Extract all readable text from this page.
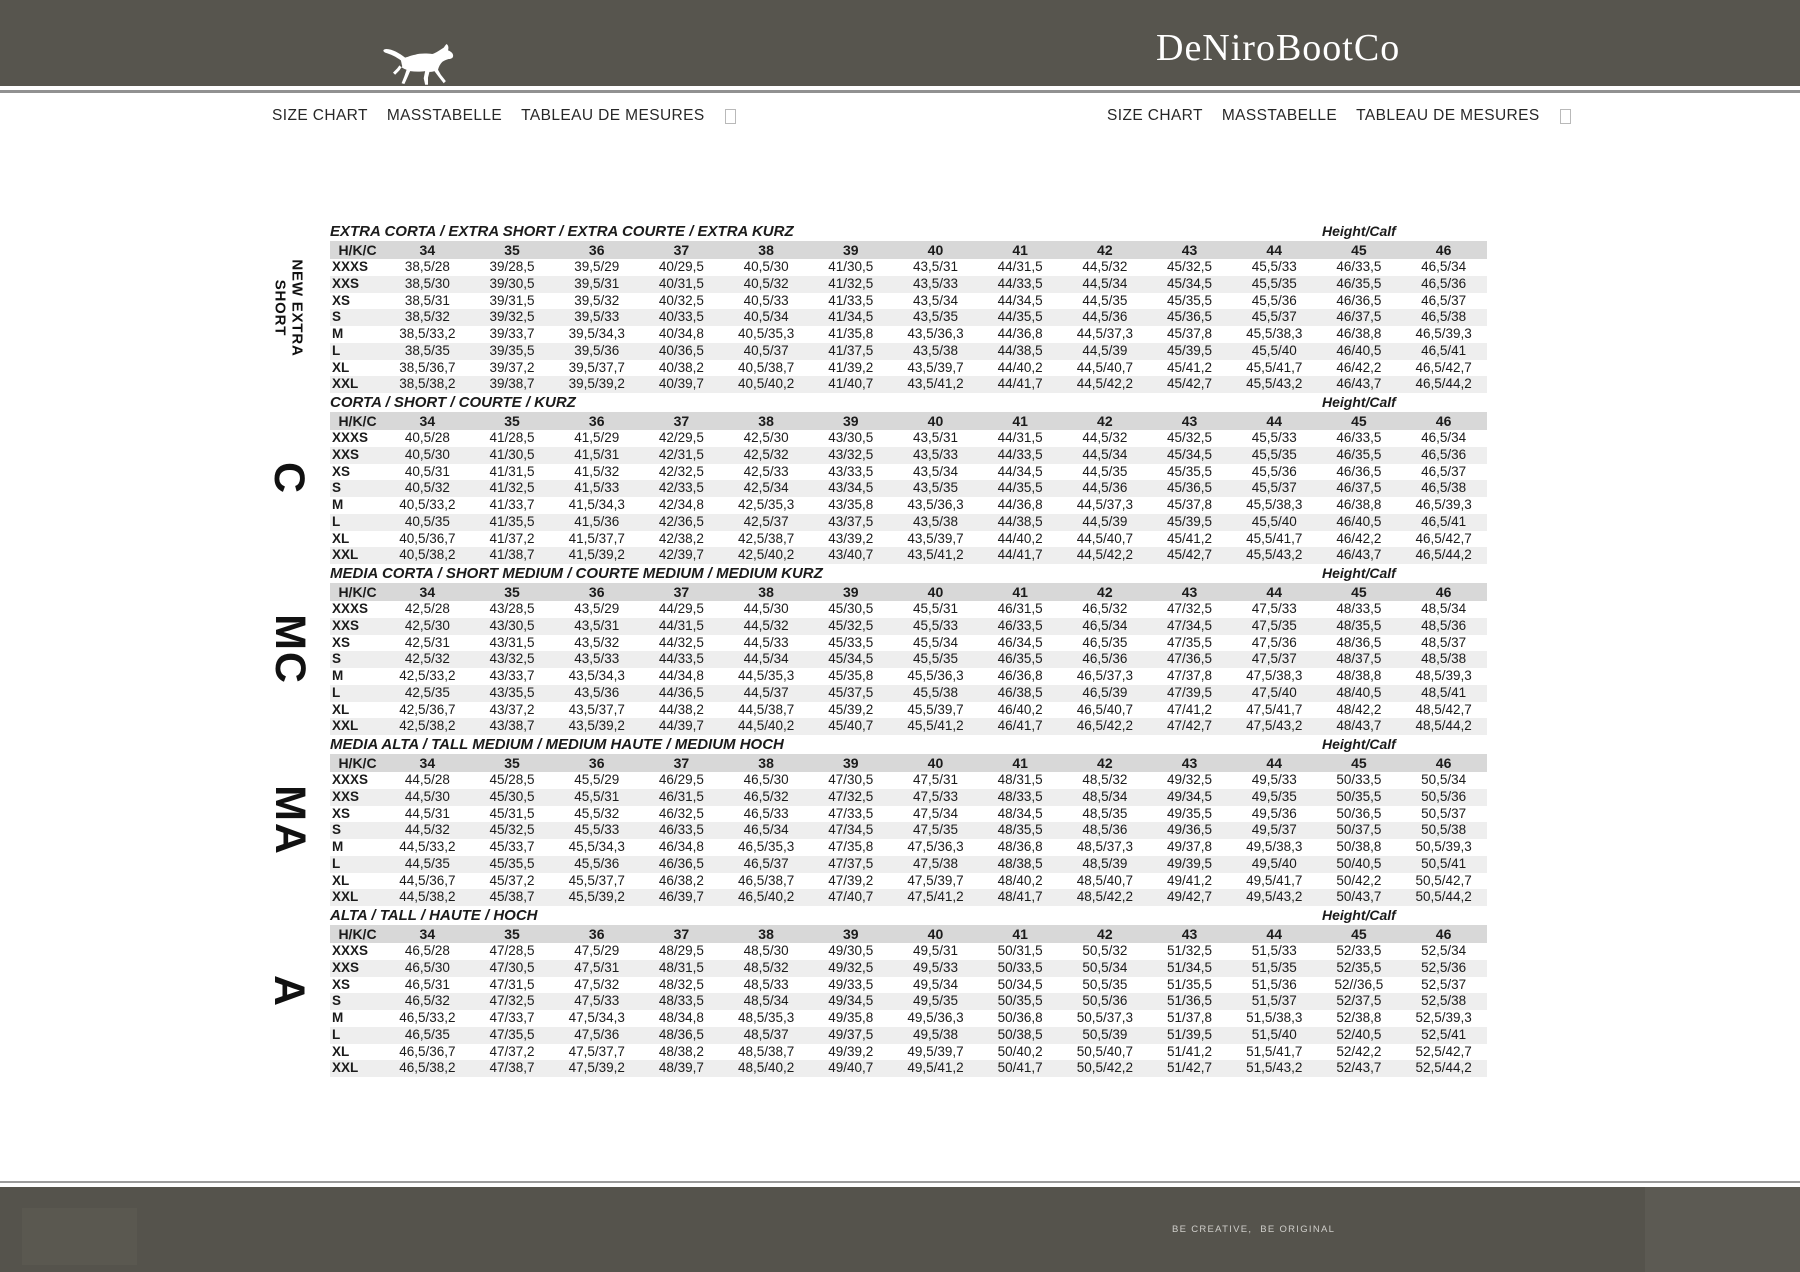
DeNiroBootCo
SIZE CHART MASSTABELLE TABLEAU DE MESURES	SIZE CHART MASSTABELLE TABLEAU DE MESURES
NEW EXTRA
SHORT
EXTRA CORTA / EXTRA SHORT / EXTRA COURTE / EXTRA KURZ	Height/Calf
H/K/C	34	35	36	37	38	39	40	41	42	43	44	45	46
XXXS	38,5/28	39/28,5	39,5/29	40/29,5	40,5/30	41/30,5	43,5/31	44/31,5	44,5/32	45/32,5	45,5/33	46/33,5	46,5/34
XXS	38,5/30	39/30,5	39,5/31	40/31,5	40,5/32	41/32,5	43,5/33	44/33,5	44,5/34	45/34,5	45,5/35	46/35,5	46,5/36
XS	38,5/31	39/31,5	39,5/32	40/32,5	40,5/33	41/33,5	43,5/34	44/34,5	44,5/35	45/35,5	45,5/36	46/36,5	46,5/37
S	38,5/32	39/32,5	39,5/33	40/33,5	40,5/34	41/34,5	43,5/35	44/35,5	44,5/36	45/36,5	45,5/37	46/37,5	46,5/38
M	38,5/33,2	39/33,7	39,5/34,3	40/34,8	40,5/35,3	41/35,8	43,5/36,3	44/36,8	44,5/37,3	45/37,8	45,5/38,3	46/38,8	46,5/39,3
L	38,5/35	39/35,5	39,5/36	40/36,5	40,5/37	41/37,5	43,5/38	44/38,5	44,5/39	45/39,5	45,5/40	46/40,5	46,5/41
XL	38,5/36,7	39/37,2	39,5/37,7	40/38,2	40,5/38,7	41/39,2	43,5/39,7	44/40,2	44,5/40,7	45/41,2	45,5/41,7	46/42,2	46,5/42,7
XXL	38,5/38,2	39/38,7	39,5/39,2	40/39,7	40,5/40,2	41/40,7	43,5/41,2	44/41,7	44,5/42,2	45/42,7	45,5/43,2	46/43,7	46,5/44,2
C
CORTA / SHORT / COURTE / KURZ	Height/Calf
H/K/C	34	35	36	37	38	39	40	41	42	43	44	45	46
XXXS	40,5/28	41/28,5	41,5/29	42/29,5	42,5/30	43/30,5	43,5/31	44/31,5	44,5/32	45/32,5	45,5/33	46/33,5	46,5/34
XXS	40,5/30	41/30,5	41,5/31	42/31,5	42,5/32	43/32,5	43,5/33	44/33,5	44,5/34	45/34,5	45,5/35	46/35,5	46,5/36
XS	40,5/31	41/31,5	41,5/32	42/32,5	42,5/33	43/33,5	43,5/34	44/34,5	44,5/35	45/35,5	45,5/36	46/36,5	46,5/37
S	40,5/32	41/32,5	41,5/33	42/33,5	42,5/34	43/34,5	43,5/35	44/35,5	44,5/36	45/36,5	45,5/37	46/37,5	46,5/38
M	40,5/33,2	41/33,7	41,5/34,3	42/34,8	42,5/35,3	43/35,8	43,5/36,3	44/36,8	44,5/37,3	45/37,8	45,5/38,3	46/38,8	46,5/39,3
L	40,5/35	41/35,5	41,5/36	42/36,5	42,5/37	43/37,5	43,5/38	44/38,5	44,5/39	45/39,5	45,5/40	46/40,5	46,5/41
XL	40,5/36,7	41/37,2	41,5/37,7	42/38,2	42,5/38,7	43/39,2	43,5/39,7	44/40,2	44,5/40,7	45/41,2	45,5/41,7	46/42,2	46,5/42,7
XXL	40,5/38,2	41/38,7	41,5/39,2	42/39,7	42,5/40,2	43/40,7	43,5/41,2	44/41,7	44,5/42,2	45/42,7	45,5/43,2	46/43,7	46,5/44,2
MC
MEDIA CORTA / SHORT MEDIUM / COURTE MEDIUM / MEDIUM KURZ	Height/Calf
H/K/C	34	35	36	37	38	39	40	41	42	43	44	45	46
XXXS	42,5/28	43/28,5	43,5/29	44/29,5	44,5/30	45/30,5	45,5/31	46/31,5	46,5/32	47/32,5	47,5/33	48/33,5	48,5/34
XXS	42,5/30	43/30,5	43,5/31	44/31,5	44,5/32	45/32,5	45,5/33	46/33,5	46,5/34	47/34,5	47,5/35	48/35,5	48,5/36
XS	42,5/31	43/31,5	43,5/32	44/32,5	44,5/33	45/33,5	45,5/34	46/34,5	46,5/35	47/35,5	47,5/36	48/36,5	48,5/37
S	42,5/32	43/32,5	43,5/33	44/33,5	44,5/34	45/34,5	45,5/35	46/35,5	46,5/36	47/36,5	47,5/37	48/37,5	48,5/38
M	42,5/33,2	43/33,7	43,5/34,3	44/34,8	44,5/35,3	45/35,8	45,5/36,3	46/36,8	46,5/37,3	47/37,8	47,5/38,3	48/38,8	48,5/39,3
L	42,5/35	43/35,5	43,5/36	44/36,5	44,5/37	45/37,5	45,5/38	46/38,5	46,5/39	47/39,5	47,5/40	48/40,5	48,5/41
XL	42,5/36,7	43/37,2	43,5/37,7	44/38,2	44,5/38,7	45/39,2	45,5/39,7	46/40,2	46,5/40,7	47/41,2	47,5/41,7	48/42,2	48,5/42,7
XXL	42,5/38,2	43/38,7	43,5/39,2	44/39,7	44,5/40,2	45/40,7	45,5/41,2	46/41,7	46,5/42,2	47/42,7	47,5/43,2	48/43,7	48,5/44,2
MA
MEDIA ALTA / TALL MEDIUM / MEDIUM HAUTE / MEDIUM HOCH	Height/Calf
H/K/C	34	35	36	37	38	39	40	41	42	43	44	45	46
XXXS	44,5/28	45/28,5	45,5/29	46/29,5	46,5/30	47/30,5	47,5/31	48/31,5	48,5/32	49/32,5	49,5/33	50/33,5	50,5/34
XXS	44,5/30	45/30,5	45,5/31	46/31,5	46,5/32	47/32,5	47,5/33	48/33,5	48,5/34	49/34,5	49,5/35	50/35,5	50,5/36
XS	44,5/31	45/31,5	45,5/32	46/32,5	46,5/33	47/33,5	47,5/34	48/34,5	48,5/35	49/35,5	49,5/36	50/36,5	50,5/37
S	44,5/32	45/32,5	45,5/33	46/33,5	46,5/34	47/34,5	47,5/35	48/35,5	48,5/36	49/36,5	49,5/37	50/37,5	50,5/38
M	44,5/33,2	45/33,7	45,5/34,3	46/34,8	46,5/35,3	47/35,8	47,5/36,3	48/36,8	48,5/37,3	49/37,8	49,5/38,3	50/38,8	50,5/39,3
L	44,5/35	45/35,5	45,5/36	46/36,5	46,5/37	47/37,5	47,5/38	48/38,5	48,5/39	49/39,5	49,5/40	50/40,5	50,5/41
XL	44,5/36,7	45/37,2	45,5/37,7	46/38,2	46,5/38,7	47/39,2	47,5/39,7	48/40,2	48,5/40,7	49/41,2	49,5/41,7	50/42,2	50,5/42,7
XXL	44,5/38,2	45/38,7	45,5/39,2	46/39,7	46,5/40,2	47/40,7	47,5/41,2	48/41,7	48,5/42,2	49/42,7	49,5/43,2	50/43,7	50,5/44,2
A
ALTA / TALL / HAUTE / HOCH	Height/Calf
H/K/C	34	35	36	37	38	39	40	41	42	43	44	45	46
XXXS	46,5/28	47/28,5	47,5/29	48/29,5	48,5/30	49/30,5	49,5/31	50/31,5	50,5/32	51/32,5	51,5/33	52/33,5	52,5/34
XXS	46,5/30	47/30,5	47,5/31	48/31,5	48,5/32	49/32,5	49,5/33	50/33,5	50,5/34	51/34,5	51,5/35	52/35,5	52,5/36
XS	46,5/31	47/31,5	47,5/32	48/32,5	48,5/33	49/33,5	49,5/34	50/34,5	50,5/35	51/35,5	51,5/36	52//36,5	52,5/37
S	46,5/32	47/32,5	47,5/33	48/33,5	48,5/34	49/34,5	49,5/35	50/35,5	50,5/36	51/36,5	51,5/37	52/37,5	52,5/38
M	46,5/33,2	47/33,7	47,5/34,3	48/34,8	48,5/35,3	49/35,8	49,5/36,3	50/36,8	50,5/37,3	51/37,8	51,5/38,3	52/38,8	52,5/39,3
L	46,5/35	47/35,5	47,5/36	48/36,5	48,5/37	49/37,5	49,5/38	50/38,5	50,5/39	51/39,5	51,5/40	52/40,5	52,5/41
XL	46,5/36,7	47/37,2	47,5/37,7	48/38,2	48,5/38,7	49/39,2	49,5/39,7	50/40,2	50,5/40,7	51/41,2	51,5/41,7	52/42,2	52,5/42,7
XXL	46,5/38,2	47/38,7	47,5/39,2	48/39,7	48,5/40,2	49/40,7	49,5/41,2	50/41,7	50,5/42,2	51/42,7	51,5/43,2	52/43,7	52,5/44,2
BE CREATIVE,  BE ORIGINAL
